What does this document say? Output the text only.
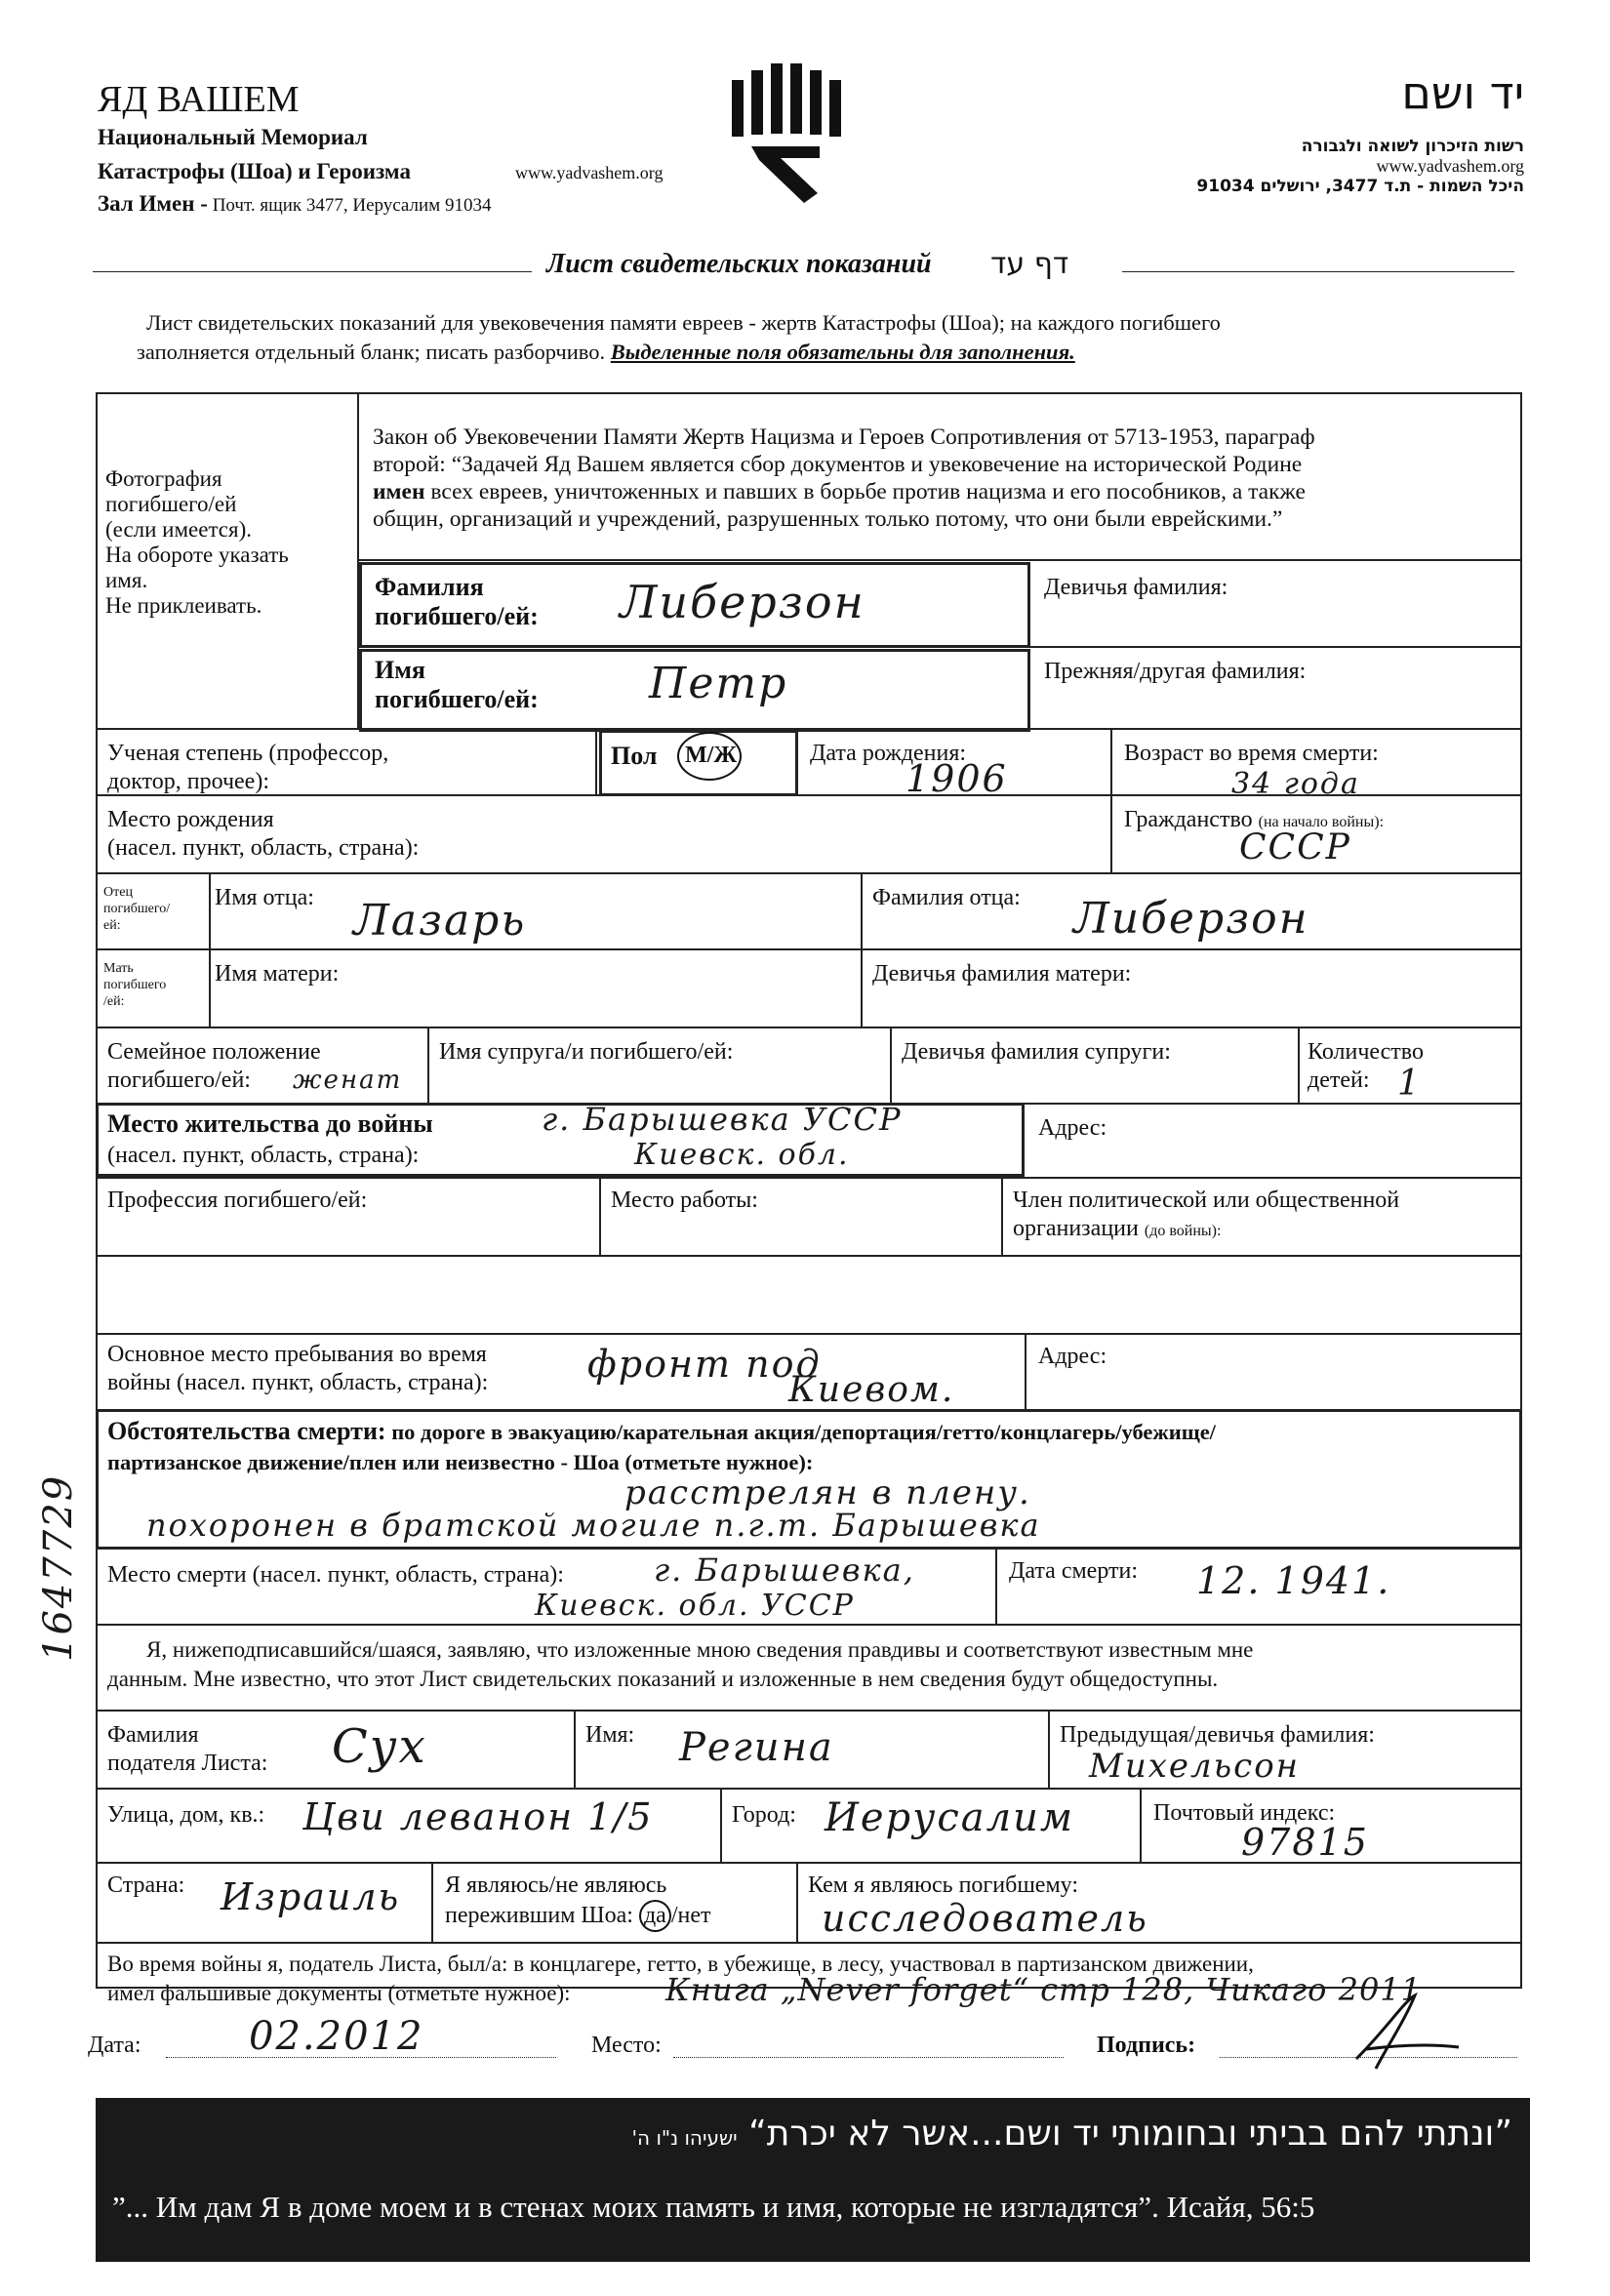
ЯД ВАШЕМ
Национальный Мемориал
Катастрофы (Шоа) и Героизма	www.yadvashem.org
Зал Имен - Почт. ящик 3477, Иерусалим 91034
יד ושם
רשות הזיכרון לשואה ולגבורה
www.yadvashem.org
היכל השמות - ת.ד 3477, ירושלים 91034
Лист свидетельских показаний דף עד
Лист свидетельских показаний для увековечения памяти евреев - жертв Катастрофы (Шоа); на каждого погибшего
заполняется отдельный бланк; писать разборчиво. Выделенные поля обязательны для заполнения.
Фотография
погибшего/ей
(если имеется).
На обороте указать
имя.
Не приклеивать.
Закон об Увековечении Памяти Жертв Нацизма и Героев Сопротивления от 5713-1953, параграф
второй: “Задачей Яд Вашем является сбор документов и увековечение на исторической Родине
имен всех евреев, уничтоженных и павших в борьбе против нацизма и его пособников, а также
общин, организаций и учреждений, разрушенных только потому, что они были еврейскими.”
Фамилия
погибшего/ей: Либерзон	Девичья фамилия:
Имя
погибшего/ей:	Петр	Прежняя/другая фамилия:
Ученая степень (профессор,
доктор, прочее):
Пол М/Ж	Дата рождения:
1906
Возраст во время смерти:
34 года
Место рождения
(насел. пункт, область, страна):
Гражданство (на начало войны):
СССР
Отец
погибшего/
ей:
Имя отца: Лазарь	Фамилия отца: Либерзон
Мать
погибшего
/ей:
Имя матери:	Девичья фамилия матери:
Семейное положение
погибшего/ей:	женат
Имя супруга/и погибшего/ей:	Девичья фамилия супруги:	Количество
детей: 1
Место жительства до войны
(насел. пункт, область, страна):
г. Барышевка УССР
Киевск. обл.
Адрес:
Профессия погибшего/ей:	Место работы:	Член политической или общественной
организации (до войны):
Основное место пребывания во время
войны (насел. пункт, область, страна):	фронт под
Киевом.
Адрес:
Обстоятельства смерти: по дороге в эвакуацию/карательная акция/депортация/гетто/концлагерь/убежище/
партизанское движение/плен или неизвестно - Шоа (отметьте нужное):
расстрелян в плену.
похоронен в братской могиле п.г.т. Барышевка
Место смерти (насел. пункт, область, страна):	г. Барышевка,
Киевск. обл. УССР
Дата смерти: 12. 1941.
Я, нижеподписавшийся/шаяся, заявляю, что изложенные мною сведения правдивы и соответствуют известным мне
данным. Мне известно, что этот Лист свидетельских показаний и изложенные в нем сведения будут общедоступны.
Фамилия
подателя Листа: Сух	Имя: Регина	Предыдущая/девичья фамилия:
Михельсон
Улица, дом, кв.: Цви леванон 1/5	Город: Иерусалим	Почтовый индекс:
97815
Страна: Израиль Я являюсь/не являюсь
пережившим Шоа: да /нет
Кем я являюсь погибшему:
исследователь
Во время войны я, податель Листа, был/а: в концлагере, гетто, в убежище, в лесу, участвовал в партизанском движении,
имел фальшивые документы (отметьте нужное):	Книга „Never forget“ стр 128, Чикаго 2011
Дата:	02.2012	Место:	Подпись:
1647729
”ונתתי להם בביתי ובחומותי יד ושם...אשר לא יכרת“ ישעיהו נ"ו ה'
”... Им дам Я в доме моем и в стенах моих память и имя, которые не изгладятся”. Исайя, 56:5
